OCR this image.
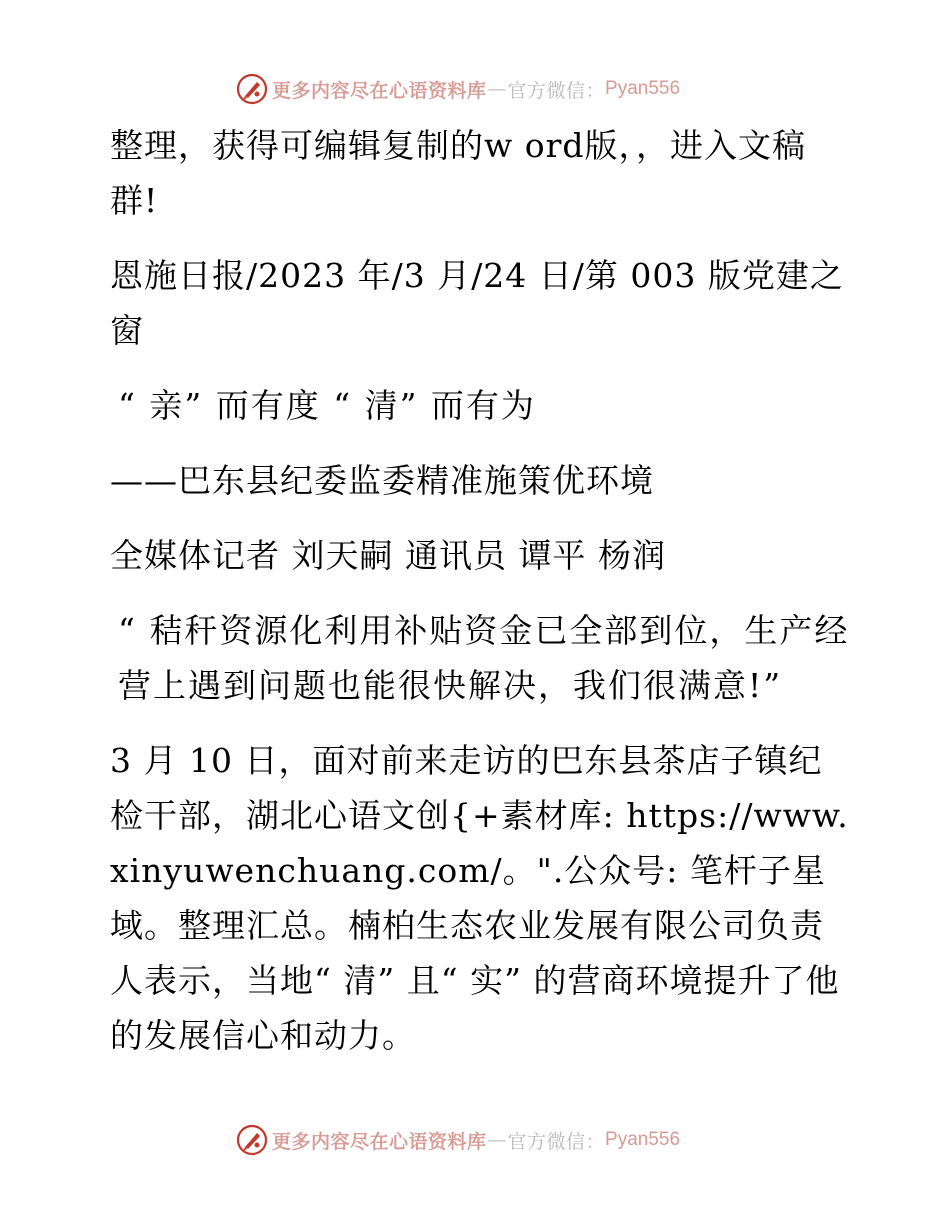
更多内容尽在心语资料库 — 官方微信： Pyan556

整理，获得可编辑复制的w ord版，，进入文稿群!

恩施日报/2023 年/3 月/24 日/第 003 版党建之窗

“ 亲” 而有度 “ 清” 而有为

——巴东县纪委监委精准施策优环境

全媒体记者 刘天嗣 通讯员 谭平 杨润

“ 秸秆资源化利用补贴资金已全部到位，生产经营上遇到问题也能很快解决，我们很满意!”

3 月 10 日，面对前来走访的巴东县茶店子镇纪检干部，湖北心语文创{+素材库: https://www.xinyuwenchuang.com/。".公众号: 笔杆子星域。整理汇总。楠柏生态农业发展有限公司负责人表示，当地“ 清” 且“ 实” 的营商环境提升了他的发展信心和动力。

更多内容尽在心语资料库 — 官方微信： Pyan556
